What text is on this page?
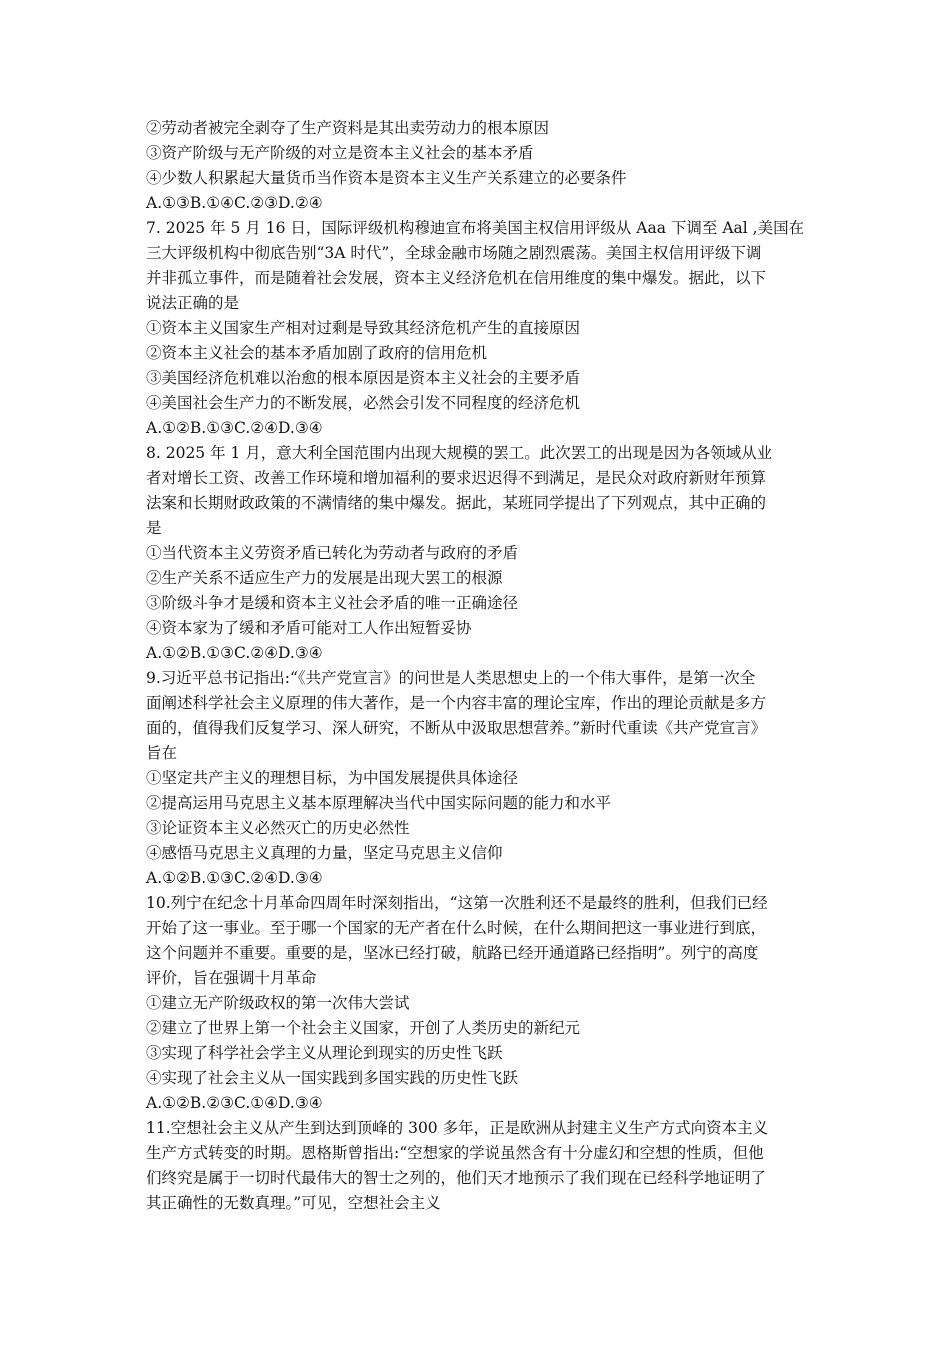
②劳动者被完全剥夺了生产资料是其出卖劳动力的根本原因
③资产阶级与无产阶级的对立是资本主义社会的基本矛盾
④少数人积累起大量货币当作资本是资本主义生产关系建立的必要条件
A.①③B.①④C.②③D.②④
7. 2025 年 5 月 16 日，国际评级机构穆迪宣布将美国主权信用评级从 Aaa 下调至 Aal ,美国在
三大评级机构中彻底告别“3A 时代”，全球金融市场随之剧烈震荡。美国主权信用评级下调
并非孤立事件，而是随着社会发展，资本主义经济危机在信用维度的集中爆发。据此，以下
说法正确的是
①资本主义国家生产相对过剩是导致其经济危机产生的直接原因
②资本主义社会的基本矛盾加剧了政府的信用危机
③美国经济危机难以治愈的根本原因是资本主义社会的主要矛盾
④美国社会生产力的不断发展，必然会引发不同程度的经济危机
A.①②B.①③C.②④D.③④
8. 2025 年 1 月，意大利全国范围内出现大规模的罢工。此次罢工的出现是因为各领域从业
者对增长工资、改善工作环境和增加福利的要求迟迟得不到满足，是民众对政府新财年预算
法案和长期财政政策的不满情绪的集中爆发。据此，某班同学提出了下列观点，其中正确的
是
①当代资本主义劳资矛盾已转化为劳动者与政府的矛盾
②生产关系不适应生产力的发展是出现大罢工的根源
③阶级斗争才是缓和资本主义社会矛盾的唯一正确途径
④资本家为了缓和矛盾可能对工人作出短暂妥协
A.①②B.①③C.②④D.③④
9.习近平总书记指出:“《共产党宣言》的问世是人类思想史上的一个伟大事件，是第一次全
面阐述科学社会主义原理的伟大著作，是一个内容丰富的理论宝库，作出的理论贡献是多方
面的，值得我们反复学习、深人研究，不断从中汲取思想营养。”新时代重读《共产党宣言》
旨在
①坚定共产主义的理想目标，为中国发展提供具体途径
②提高运用马克思主义基本原理解决当代中国实际问题的能力和水平
③论证资本主义必然灭亡的历史必然性
④感悟马克思主义真理的力量，坚定马克思主义信仰
A.①②B.①③C.②④D.③④
10.列宁在纪念十月革命四周年时深刻指出，“这第一次胜利还不是最终的胜利，但我们已经
开始了这一事业。至于哪一个国家的无产者在什么时候，在什么期间把这一事业进行到底，
这个问题并不重要。重要的是，坚冰已经打破，航路已经开通道路已经指明”。列宁的高度
评价，旨在强调十月革命
①建立无产阶级政权的第一次伟大尝试
②建立了世界上第一个社会主义国家，开创了人类历史的新纪元
③实现了科学社会学主义从理论到现实的历史性飞跃
④实现了社会主义从一国实践到多国实践的历史性飞跃
A.①②B.②③C.①④D.③④
11.空想社会主义从产生到达到顶峰的 300 多年，正是欧洲从封建主义生产方式向资本主义
生产方式转变的时期。恩格斯曾指出:“空想家的学说虽然含有十分虚幻和空想的性质，但他
们终究是属于一切时代最伟大的智士之列的，他们天才地预示了我们现在已经科学地证明了
其正确性的无数真理。”可见，空想社会主义
